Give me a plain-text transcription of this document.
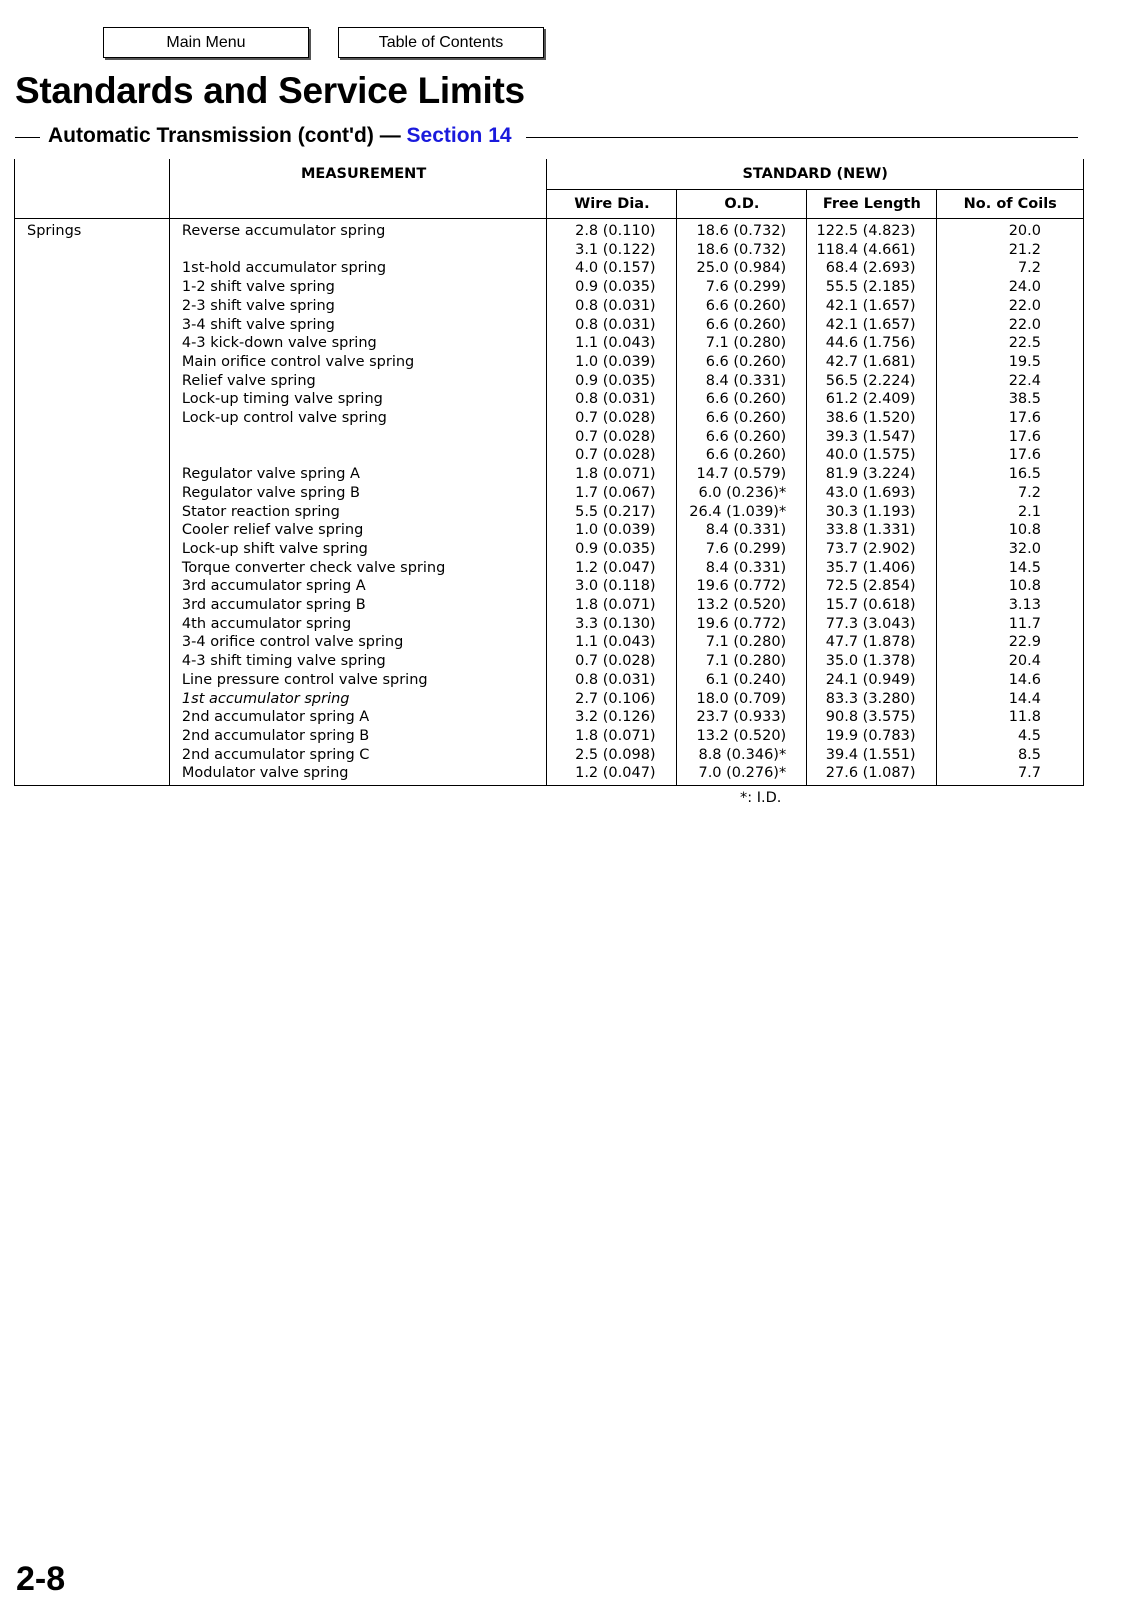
Main Menu	Table of Contents
Standards and Service Limits
Automatic Transmission (cont'd) — Section 14
	MEASUREMENT	STANDARD (NEW)			
		Wire Dia.	O.D.	Free Length	No. of Coils
Springs	Reverse accumulator spring	2.8 (0.110)	18.6 (0.732)	122.5 (4.823)	20.0
		3.1 (0.122)	18.6 (0.732)	118.4 (4.661)	21.2
	1st-hold accumulator spring	4.0 (0.157)	25.0 (0.984)	68.4 (2.693)	7.2
	1-2 shift valve spring	0.9 (0.035)	7.6 (0.299)	55.5 (2.185)	24.0
	2-3 shift valve spring	0.8 (0.031)	6.6 (0.260)	42.1 (1.657)	22.0
	3-4 shift valve spring	0.8 (0.031)	6.6 (0.260)	42.1 (1.657)	22.0
	4-3 kick-down valve spring	1.1 (0.043)	7.1 (0.280)	44.6 (1.756)	22.5
	Main orifice control valve spring	1.0 (0.039)	6.6 (0.260)	42.7 (1.681)	19.5
	Relief valve spring	0.9 (0.035)	8.4 (0.331)	56.5 (2.224)	22.4
	Lock-up timing valve spring	0.8 (0.031)	6.6 (0.260)	61.2 (2.409)	38.5
	Lock-up control valve spring	0.7 (0.028)	6.6 (0.260)	38.6 (1.520)	17.6
		0.7 (0.028)	6.6 (0.260)	39.3 (1.547)	17.6
		0.7 (0.028)	6.6 (0.260)	40.0 (1.575)	17.6
	Regulator valve spring A	1.8 (0.071)	14.7 (0.579)	81.9 (3.224)	16.5
	Regulator valve spring B	1.7 (0.067)	6.0 (0.236)*	43.0 (1.693)	7.2
	Stator reaction spring	5.5 (0.217)	26.4 (1.039)*	30.3 (1.193)	2.1
	Cooler relief valve spring	1.0 (0.039)	8.4 (0.331)	33.8 (1.331)	10.8
	Lock-up shift valve spring	0.9 (0.035)	7.6 (0.299)	73.7 (2.902)	32.0
	Torque converter check valve spring	1.2 (0.047)	8.4 (0.331)	35.7 (1.406)	14.5
	3rd accumulator spring A	3.0 (0.118)	19.6 (0.772)	72.5 (2.854)	10.8
	3rd accumulator spring B	1.8 (0.071)	13.2 (0.520)	15.7 (0.618)	3.13
	4th accumulator spring	3.3 (0.130)	19.6 (0.772)	77.3 (3.043)	11.7
	3-4 orifice control valve spring	1.1 (0.043)	7.1 (0.280)	47.7 (1.878)	22.9
	4-3 shift timing valve spring	0.7 (0.028)	7.1 (0.280)	35.0 (1.378)	20.4
	Line pressure control valve spring	0.8 (0.031)	6.1 (0.240)	24.1 (0.949)	14.6
	1st accumulator spring	2.7 (0.106)	18.0 (0.709)	83.3 (3.280)	14.4
	2nd accumulator spring A	3.2 (0.126)	23.7 (0.933)	90.8 (3.575)	11.8
	2nd accumulator spring B	1.8 (0.071)	13.2 (0.520)	19.9 (0.783)	4.5
	2nd accumulator spring C	2.5 (0.098)	8.8 (0.346)*	39.4 (1.551)	8.5
	Modulator valve spring	1.2 (0.047)	7.0 (0.276)*	27.6 (1.087)	7.7
*: I.D.
2-8
